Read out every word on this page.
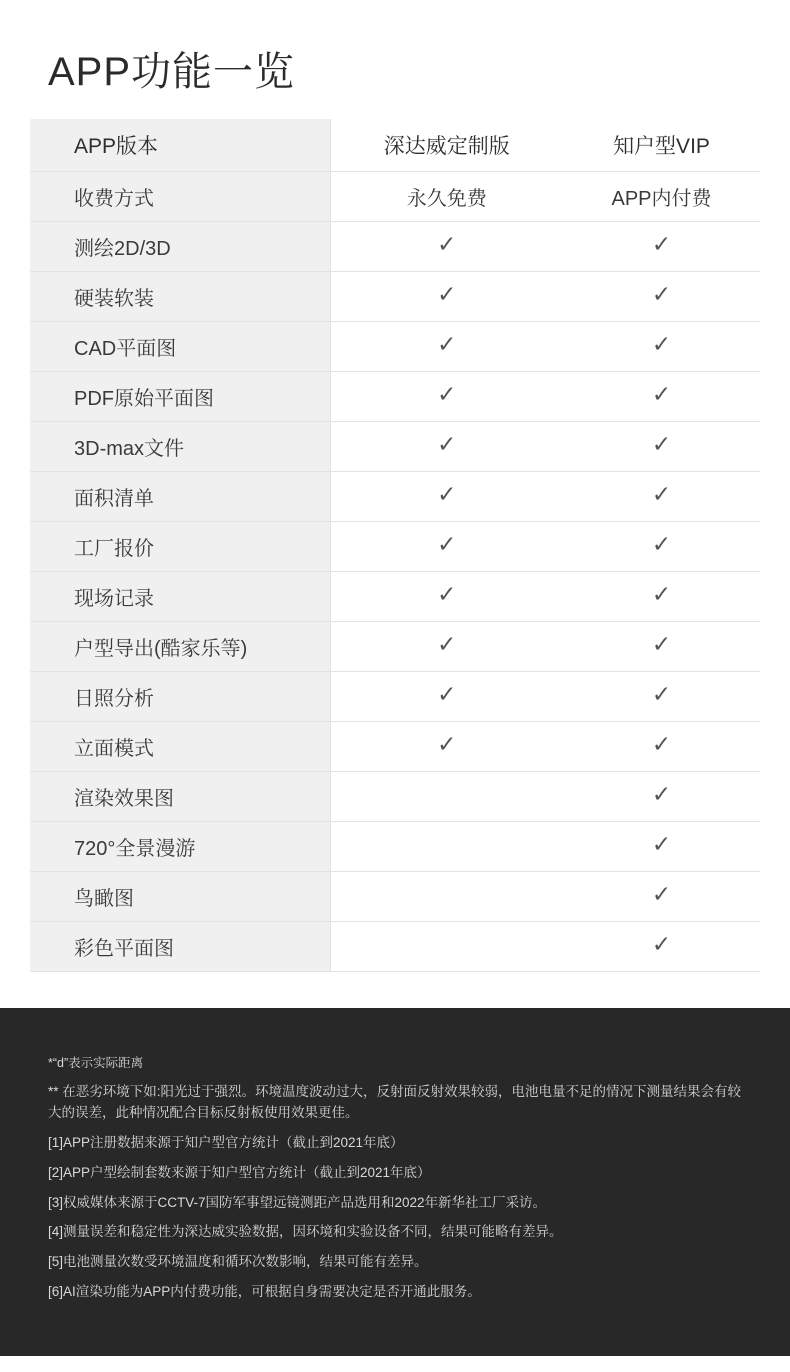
APP功能一览
APP版本	深达威定制版	知户型VIP
收费方式	永久免费	APP内付费
测绘2D/3D	✓	✓
硬装软装	✓	✓
CAD平面图	✓	✓
PDF原始平面图	✓	✓
3D-max文件	✓	✓
面积清单	✓	✓
工厂报价	✓	✓
现场记录	✓	✓
户型导出(酷家乐等)	✓	✓
日照分析	✓	✓
立面模式	✓	✓
渲染效果图		✓
720°全景漫游		✓
鸟瞰图		✓
彩色平面图		✓

*“d”表示实际距离

** 在恶劣环境下如:阳光过于强烈。环境温度波动过大，反射面反射效果较弱，电池电量不足的情况下测量结果会有较大的误差，此种情况配合目标反射板使用效果更佳。

[1]APP注册数据来源于知户型官方统计（截止到2021年底）

[2]APP户型绘制套数来源于知户型官方统计（截止到2021年底）

[3]权威媒体来源于CCTV-7国防军事望远镜测距产品选用和2022年新华社工厂采访。

[4]测量误差和稳定性为深达威实验数据，因环境和实验设备不同，结果可能略有差异。

[5]电池测量次数受环境温度和循环次数影响，结果可能有差异。

[6]AI渲染功能为APP内付费功能，可根据自身需要决定是否开通此服务。
